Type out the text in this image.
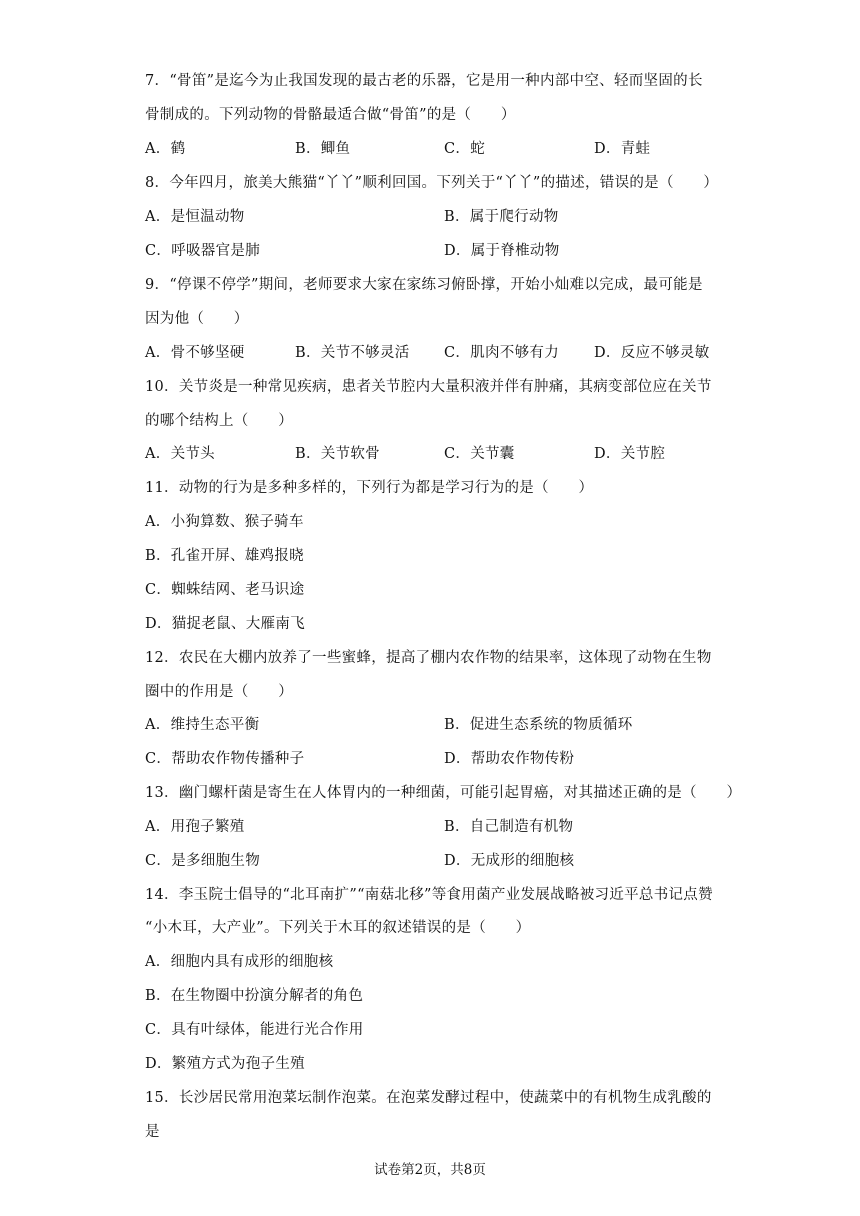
7．“骨笛”是迄今为止我国发现的最古老的乐器，它是用一种内部中空、轻而坚固的长
骨制成的。下列动物的骨骼最适合做“骨笛”的是（　　）
A．鹤	B．鲫鱼	C．蛇	D．青蛙
8．今年四月，旅美大熊猫“丫丫”顺利回国。下列关于“丫丫”的描述，错误的是（　　）
A．是恒温动物	B．属于爬行动物
C．呼吸器官是肺	D．属于脊椎动物
9．“停课不停学”期间，老师要求大家在家练习俯卧撑，开始小灿难以完成，最可能是
因为他（　　）
A．骨不够坚硬	B．关节不够灵活 C．肌肉不够有力 D．反应不够灵敏
10．关节炎是一种常见疾病，患者关节腔内大量积液并伴有肿痛，其病变部位应在关节
的哪个结构上（　　）
A．关节头	B．关节软骨	C．关节囊	D．关节腔
11．动物的行为是多种多样的，下列行为都是学习行为的是（　　）
A．小狗算数、猴子骑车
B．孔雀开屏、雄鸡报晓
C．蜘蛛结网、老马识途
D．猫捉老鼠、大雁南飞
12．农民在大棚内放养了一些蜜蜂，提高了棚内农作物的结果率，这体现了动物在生物
圈中的作用是（　　）
A．维持生态平衡	B．促进生态系统的物质循环
C．帮助农作物传播种子	D．帮助农作物传粉
13．幽门螺杆菌是寄生在人体胃内的一种细菌，可能引起胃癌，对其描述正确的是（　　）
A．用孢子繁殖	B．自己制造有机物
C．是多细胞生物	D．无成形的细胞核
14．李玉院士倡导的“北耳南扩”“南菇北移”等食用菌产业发展战略被习近平总书记点赞
“小木耳，大产业”。下列关于木耳的叙述错误的是（　　）
A．细胞内具有成形的细胞核
B．在生物圈中扮演分解者的角色
C．具有叶绿体，能进行光合作用
D．繁殖方式为孢子生殖
15．长沙居民常用泡菜坛制作泡菜。在泡菜发酵过程中，使蔬菜中的有机物生成乳酸的
是
试卷第2页，共8页
